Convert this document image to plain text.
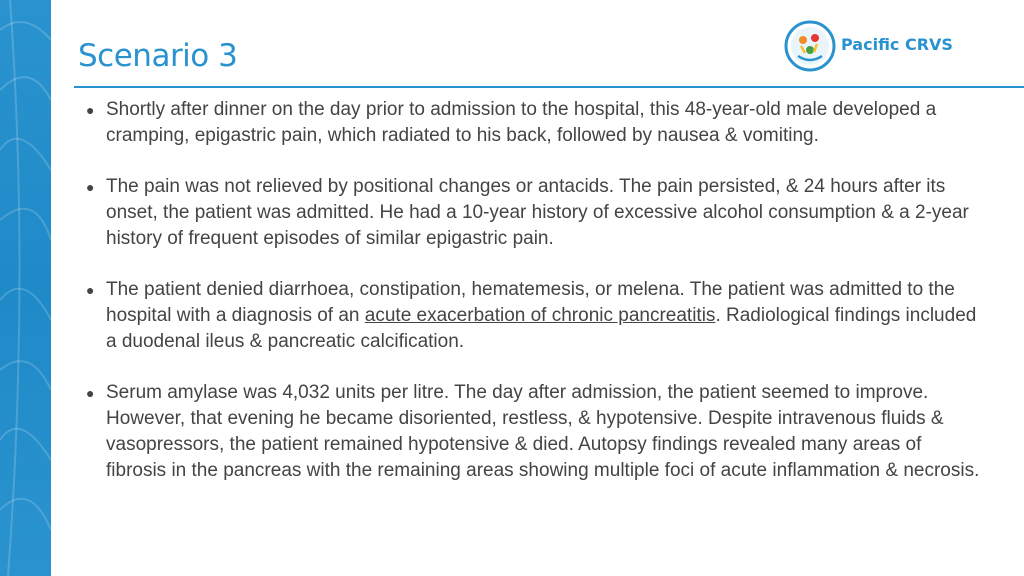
Scenario 3	Pacific CRVS
● Shortly after dinner on the day prior to admission to the hospital, this 48-year-old male developed a cramping, epigastric pain, which radiated to his back, followed by nausea & vomiting.
● The pain was not relieved by positional changes or antacids. The pain persisted, & 24 hours after its onset, the patient was admitted. He had a 10-year history of excessive alcohol consumption & a 2-year history of frequent episodes of similar epigastric pain.
● The patient denied diarrhoea, constipation, hematemesis, or melena. The patient was admitted to the hospital with a diagnosis of an acute exacerbation of chronic pancreatitis. Radiological findings included a duodenal ileus & pancreatic calcification.
● Serum amylase was 4,032 units per litre. The day after admission, the patient seemed to improve. However, that evening he became disoriented, restless, & hypotensive. Despite intravenous fluids & vasopressors, the patient remained hypotensive & died. Autopsy findings revealed many areas of fibrosis in the pancreas with the remaining areas showing multiple foci of acute inflammation & necrosis.
